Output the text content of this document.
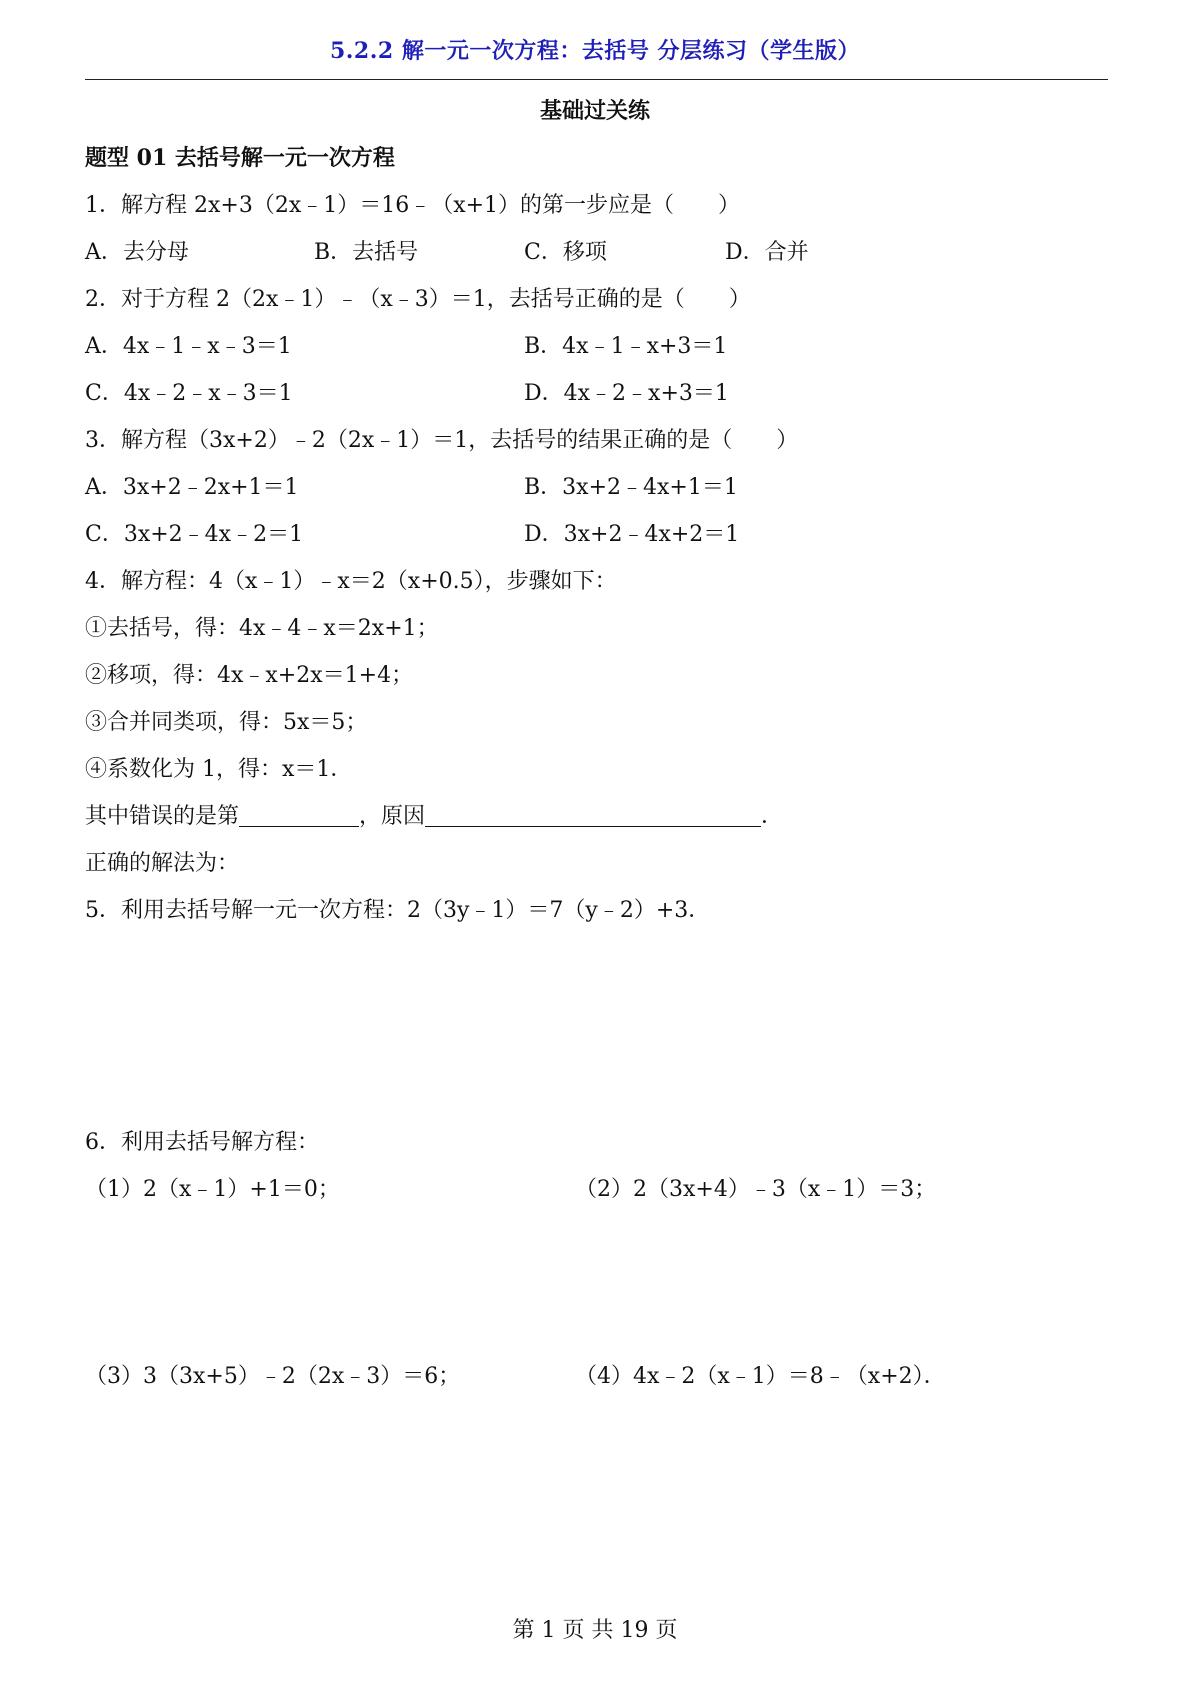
5.2.2 解一元一次方程：去括号 分层练习（学生版）
基础过关练
题型 01 去括号解一元一次方程
1．解方程 2x+3（2x﹣1）＝16﹣（x+1）的第一步应是（　　）
A．去分母	B．去括号	C．移项	D．合并
2．对于方程 2（2x﹣1）﹣（x﹣3）＝1，去括号正确的是（　　）
A．4x﹣1﹣x﹣3＝1	B．4x﹣1﹣x+3＝1
C．4x﹣2﹣x﹣3＝1	D．4x﹣2﹣x+3＝1
3．解方程（3x+2）﹣2（2x﹣1）＝1，去括号的结果正确的是（　　）
A．3x+2﹣2x+1＝1	B．3x+2﹣4x+1＝1
C．3x+2﹣4x﹣2＝1	D．3x+2﹣4x+2＝1
4．解方程：4（x﹣1）﹣x＝2（x+0.5），步骤如下：
①去括号，得：4x﹣4﹣x＝2x+1；
②移项，得：4x﹣x+2x＝1+4；
③合并同类项，得：5x＝5；
④系数化为 1，得：x＝1．
其中错误的是第	，原因	．
正确的解法为：
5．利用去括号解一元一次方程：2（3y﹣1）＝7（y﹣2）+3．
6．利用去括号解方程：
（1）2（x﹣1）+1＝0；	（2）2（3x+4）﹣3（x﹣1）＝3；
（3）3（3x+5）﹣2（2x﹣3）＝6；	（4）4x﹣2（x﹣1）＝8﹣（x+2）．
第 1 页 共 19 页
